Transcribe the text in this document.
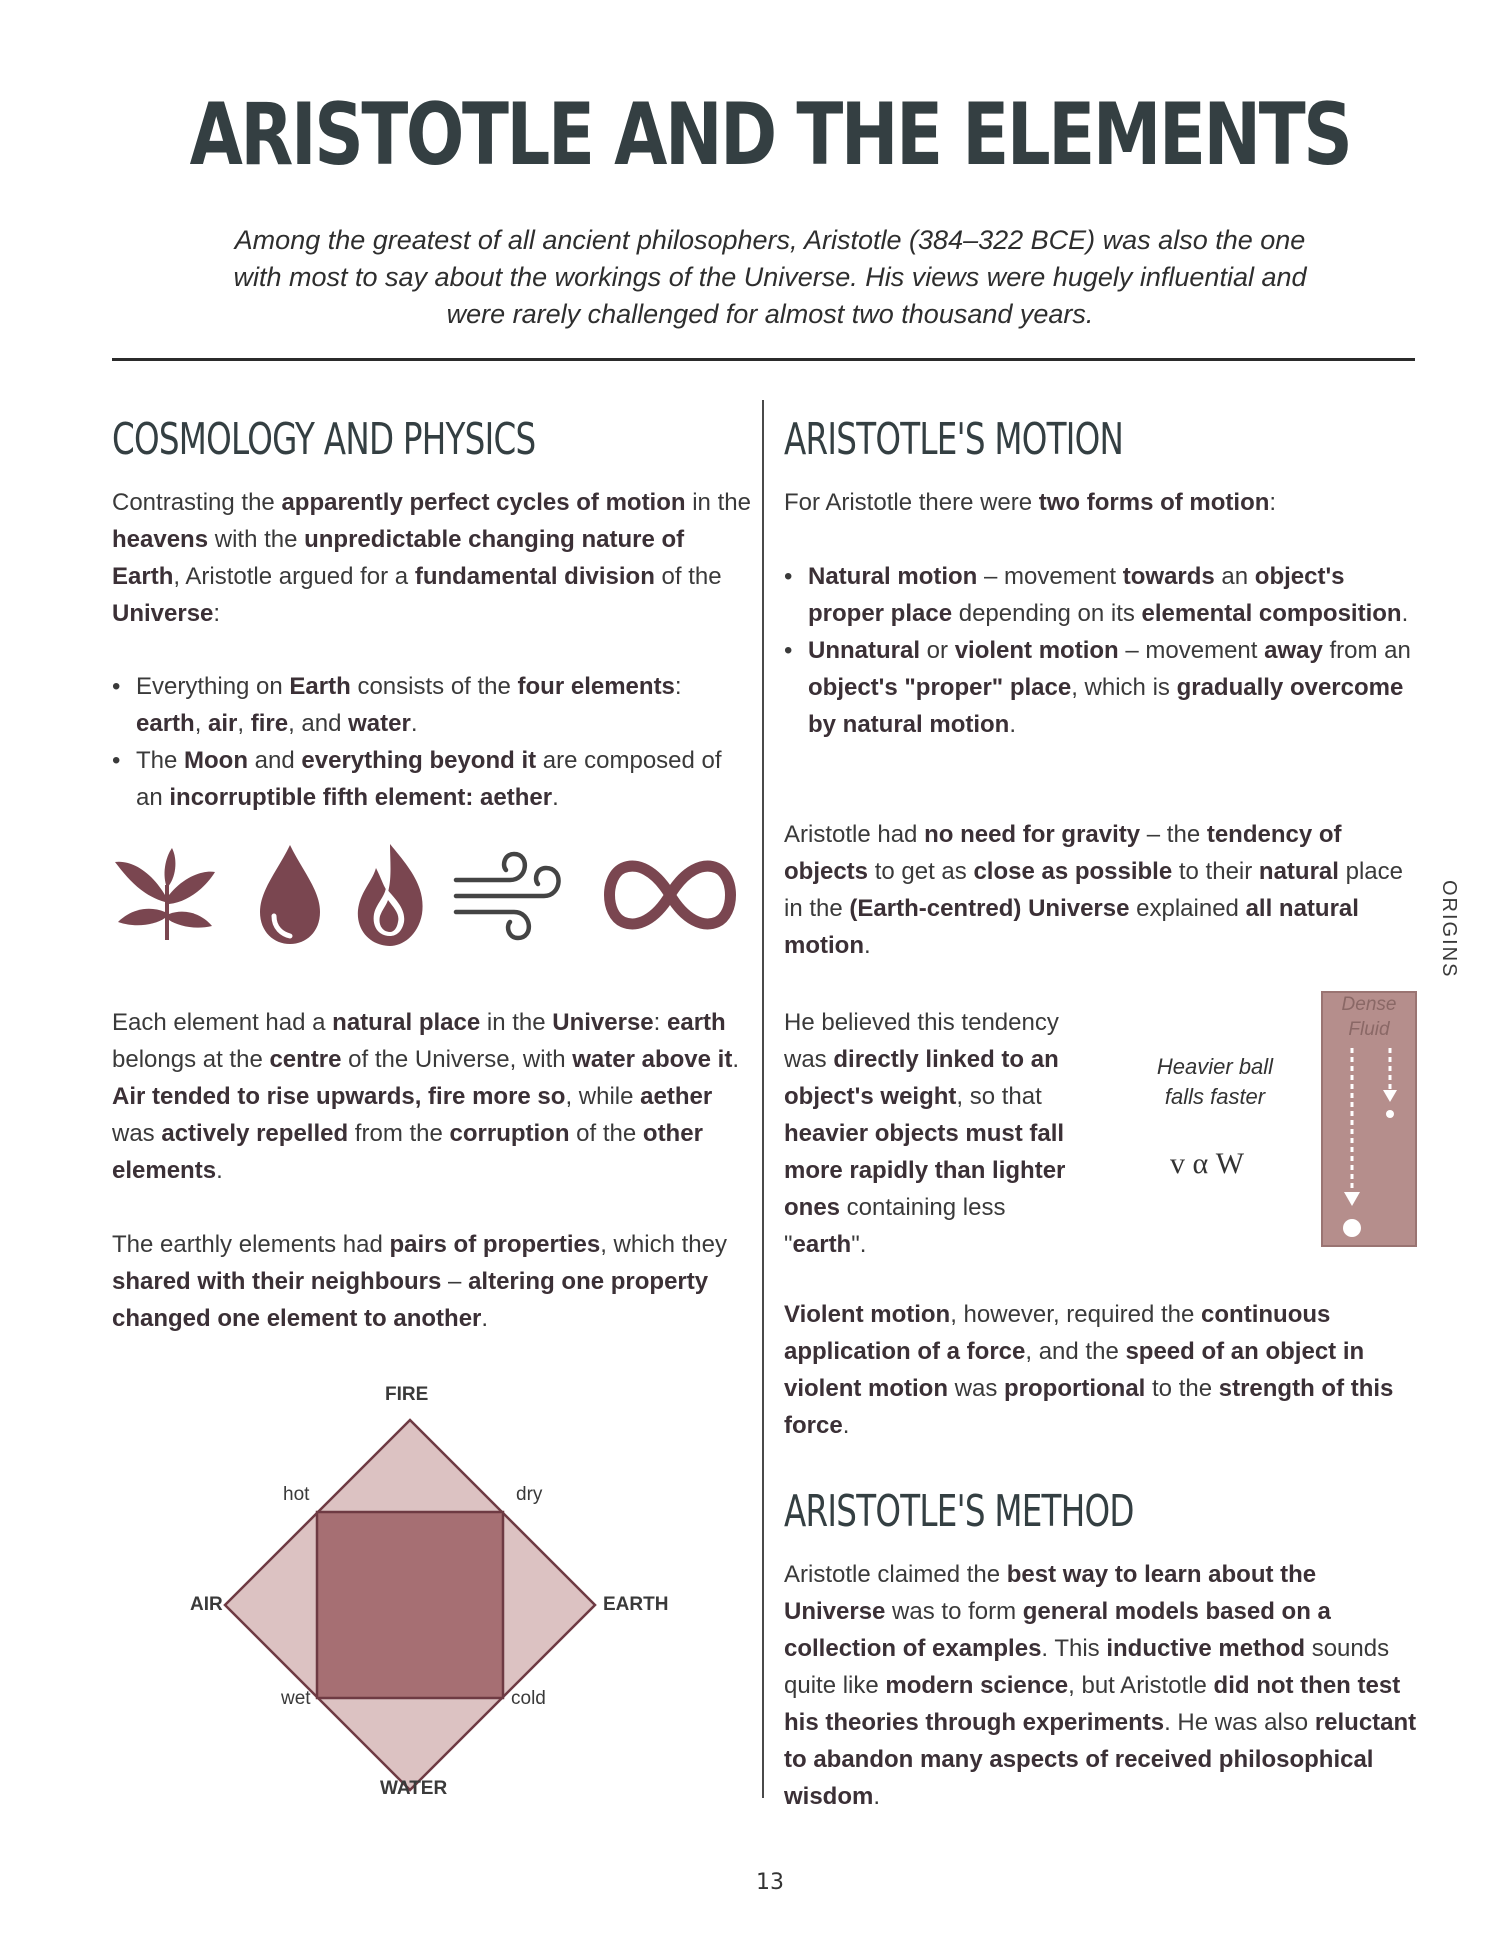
ARISTOTLE AND THE ELEMENTS
Among the greatest of all ancient philosophers, Aristotle (384–322 BCE) was also the one with most to say about the workings of the Universe. His views were hugely influential and were rarely challenged for almost two thousand years.
COSMOLOGY AND PHYSICS
Contrasting the apparently perfect cycles of motion in the heavens with the unpredictable changing nature of Earth, Aristotle argued for a fundamental division of the Universe:
• Everything on Earth consists of the four elements: earth, air, fire, and water.
• The Moon and everything beyond it are composed of an incorruptible fifth element: aether.
Each element had a natural place in the Universe: earth belongs at the centre of the Universe, with water above it. Air tended to rise upwards, fire more so, while aether was actively repelled from the corruption of the other elements.
The earthly elements had pairs of properties, which they shared with their neighbours – altering one property changed one element to another.
FIRE
AIR	EARTH
WATER
hot	dry
wet	cold
ARISTOTLE'S MOTION
For Aristotle there were two forms of motion:
• Natural motion – movement towards an object's proper place depending on its elemental composition.
• Unnatural or violent motion – movement away from an object's "proper" place, which is gradually overcome by natural motion.
Aristotle had no need for gravity – the tendency of objects to get as close as possible to their natural place in the (Earth-centred) Universe explained all natural motion.
He believed this tendency was directly linked to an object's weight, so that heavier objects must fall more rapidly than lighter ones containing less "earth".
Heavier ball falls faster
v α W
Dense Fluid
Violent motion, however, required the continuous application of a force, and the speed of an object in violent motion was proportional to the strength of this force.
ARISTOTLE'S METHOD
Aristotle claimed the best way to learn about the Universe was to form general models based on a collection of examples. This inductive method sounds quite like modern science, but Aristotle did not then test his theories through experiments. He was also reluctant to abandon many aspects of received philosophical wisdom.
ORIGINS
13
